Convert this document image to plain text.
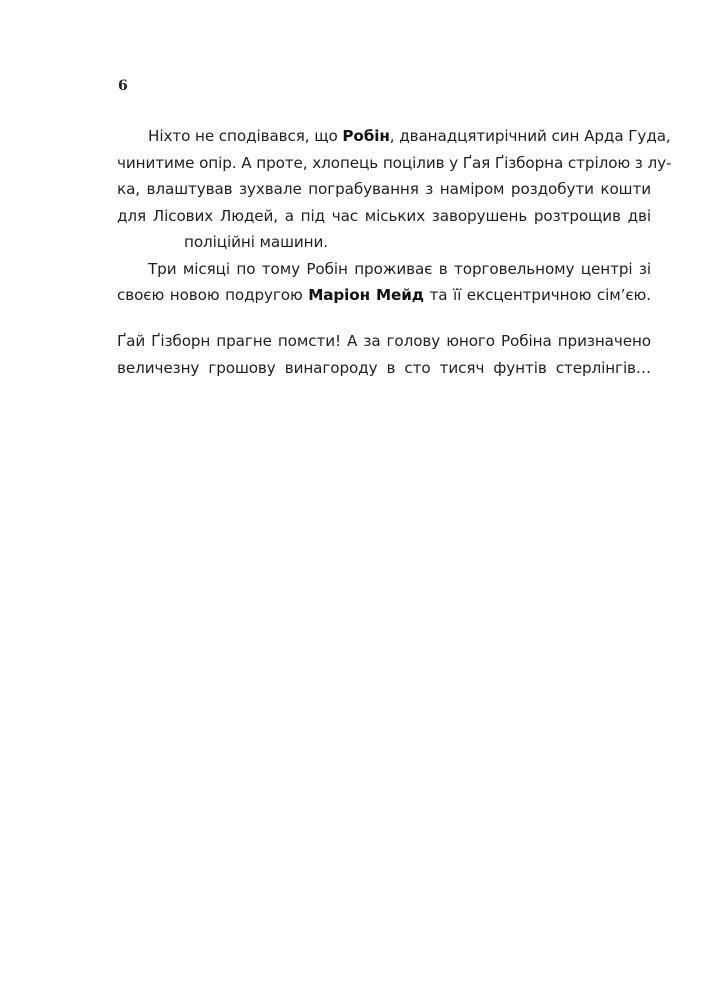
6
Ніхто не сподівався, що Робін, дванадцятирічний син Арда Гуда,
чинитиме опір. А проте, хлопець поцілив у Ґая Ґізборна стрілою з лу-
ка, влаштував зухвале пограбування з наміром роздобути кошти
для Лісових Людей, а під час міських заворушень розтрощив дві
поліційні машини.
Три місяці по тому Робін проживає в торговельному центрі зі
своєю новою подругою Маріон Мейд та її ексцентричною сім’єю.
Ґай Ґізборн прагне помсти! А за голову юного Робіна призначено
величезну грошову винагороду в сто тисяч фунтів стерлінгів…
